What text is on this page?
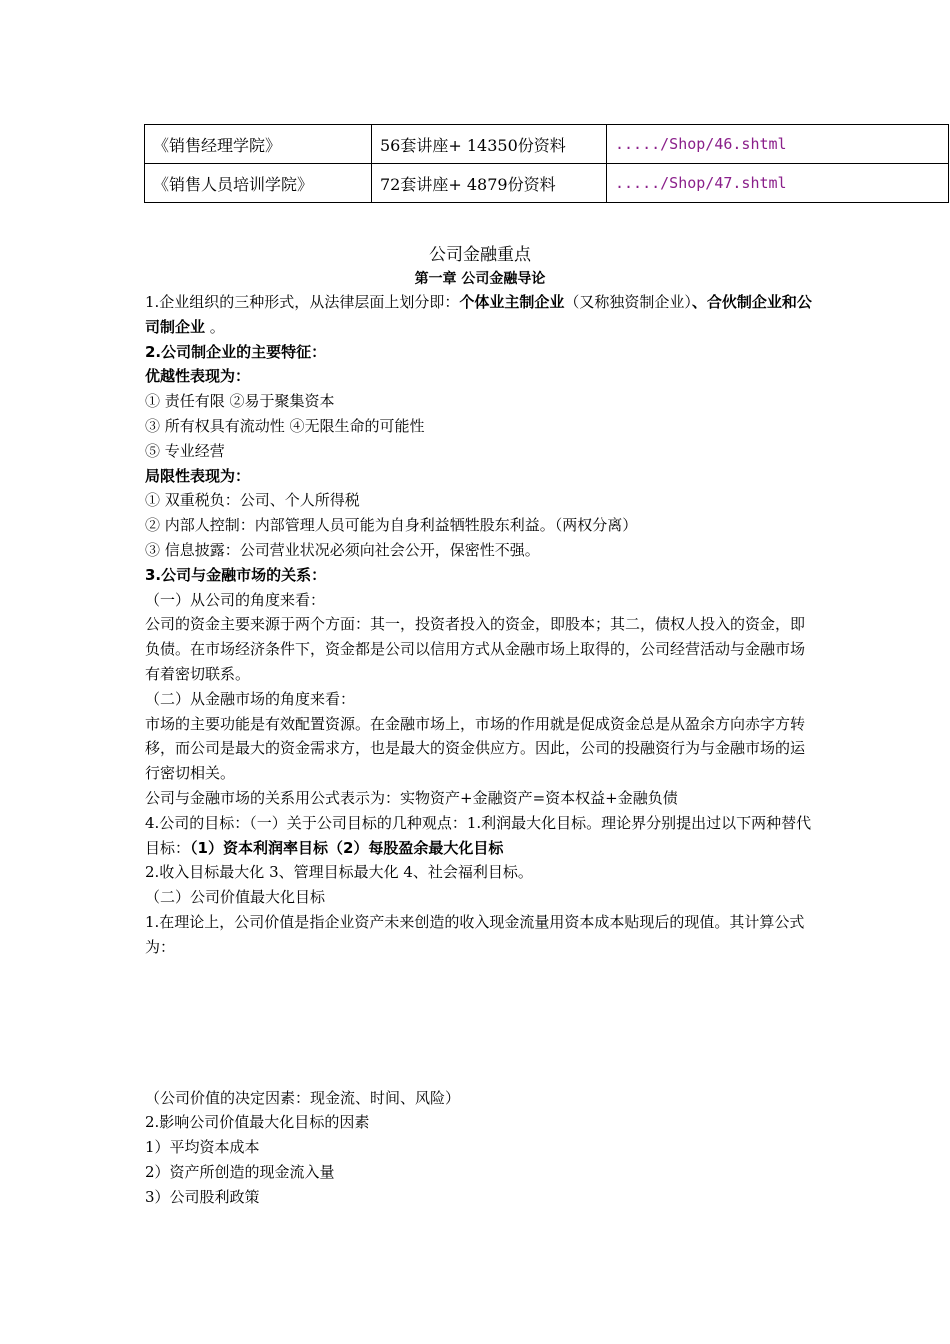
《销售经理学院》	56套讲座+ 14350份资料	...../Shop/46.shtml
《销售人员培训学院》	72套讲座+ 4879份资料	...../Shop/47.shtml
公司金融重点
第一章 公司金融导论

1.企业组织的三种形式，从法律层面上划分即：个体业主制企业（又称独资制企业）、合伙制企业和公司制企业 。

2.公司制企业的主要特征：

优越性表现为：

① 责任有限 ②易于聚集资本

③ 所有权具有流动性 ④无限生命的可能性

⑤ 专业经营

局限性表现为：

① 双重税负：公司、个人所得税

② 内部人控制：内部管理人员可能为自身利益牺牲股东利益。（两权分离）

③ 信息披露：公司营业状况必须向社会公开，保密性不强。

3.公司与金融市场的关系：

（一）从公司的角度来看：

公司的资金主要来源于两个方面：其一，投资者投入的资金，即股本；其二，债权人投入的资金，即负债。在市场经济条件下，资金都是公司以信用方式从金融市场上取得的，公司经营活动与金融市场有着密切联系。

（二）从金融市场的角度来看：

市场的主要功能是有效配置资源。在金融市场上，市场的作用就是促成资金总是从盈余方向赤字方转移，而公司是最大的资金需求方，也是最大的资金供应方。因此，公司的投融资行为与金融市场的运行密切相关。

公司与金融市场的关系用公式表示为：实物资产+金融资产=资本权益+金融负债

4.公司的目标：（一）关于公司目标的几种观点：1.利润最大化目标。理论界分别提出过以下两种替代目标：（1）资本利润率目标（2）每股盈余最大化目标

2.收入目标最大化 3、管理目标最大化 4、社会福利目标。

（二）公司价值最大化目标

1.在理论上，公司价值是指企业资产未来创造的收入现金流量用资本成本贴现后的现值。其计算公式为：

（公司价值的决定因素：现金流、时间、风险）

2.影响公司价值最大化目标的因素

1）平均资本成本

2）资产所创造的现金流入量

3）公司股利政策
